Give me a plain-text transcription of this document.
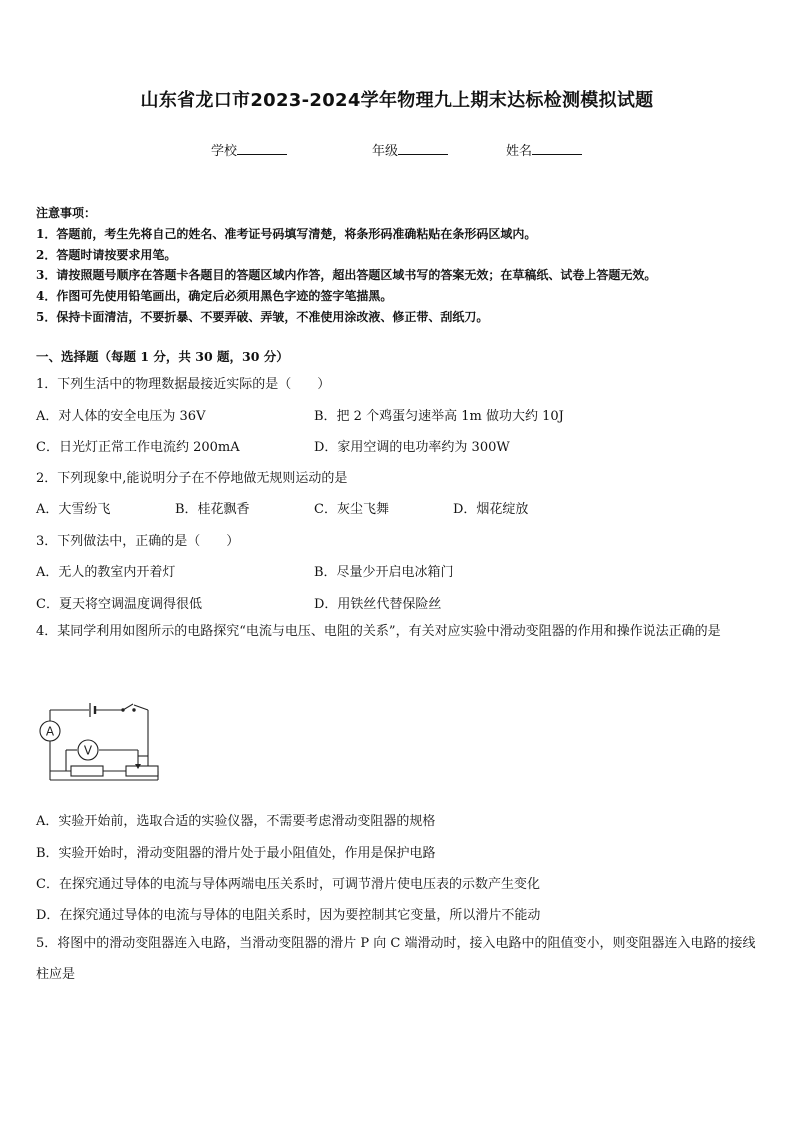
山东省龙口市2023-2024学年物理九上期末达标检测模拟试题
学校	年级	姓名
注意事项：
1．答题前，考生先将自己的姓名、准考证号码填写清楚，将条形码准确粘贴在条形码区域内。
2．答题时请按要求用笔。
3．请按照题号顺序在答题卡各题目的答题区域内作答，超出答题区域书写的答案无效；在草稿纸、试卷上答题无效。
4．作图可先使用铅笔画出，确定后必须用黑色字迹的签字笔描黑。
5．保持卡面清洁，不要折暴、不要弄破、弄皱，不准使用涂改液、修正带、刮纸刀。
一、选择题（每题 1 分，共 30 题，30 分）
1．下列生活中的物理数据最接近实际的是（　　）
A．对人体的安全电压为 36V	B．把 2 个鸡蛋匀速举高 1m 做功大约 10J
C．日光灯正常工作电流约 200mA	D．家用空调的电功率约为 300W
2．下列现象中,能说明分子在不停地做无规则运动的是
A．大雪纷飞	B．桂花飘香	C．灰尘飞舞	D．烟花绽放
3．下列做法中，正确的是（　　）
A．无人的教室内开着灯	B．尽量少开启电冰箱门
C．夏天将空调温度调得很低	D．用铁丝代替保险丝
4．某同学利用如图所示的电路探究“电流与电压、电阻的关系”，有关对应实验中滑动变阻器的作用和操作说法正确的是
A
V
A．实验开始前，选取合适的实验仪器，不需要考虑滑动变阻器的规格
B．实验开始时，滑动变阻器的滑片处于最小阻值处，作用是保护电路
C．在探究通过导体的电流与导体两端电压关系时，可调节滑片使电压表的示数产生变化
D．在探究通过导体的电流与导体的电阻关系时，因为要控制其它变量，所以滑片不能动
5．将图中的滑动变阻器连入电路，当滑动变阻器的滑片 P 向 C 端滑动时，接入电路中的阻值变小，则变阻器连入电路的接线柱应是
